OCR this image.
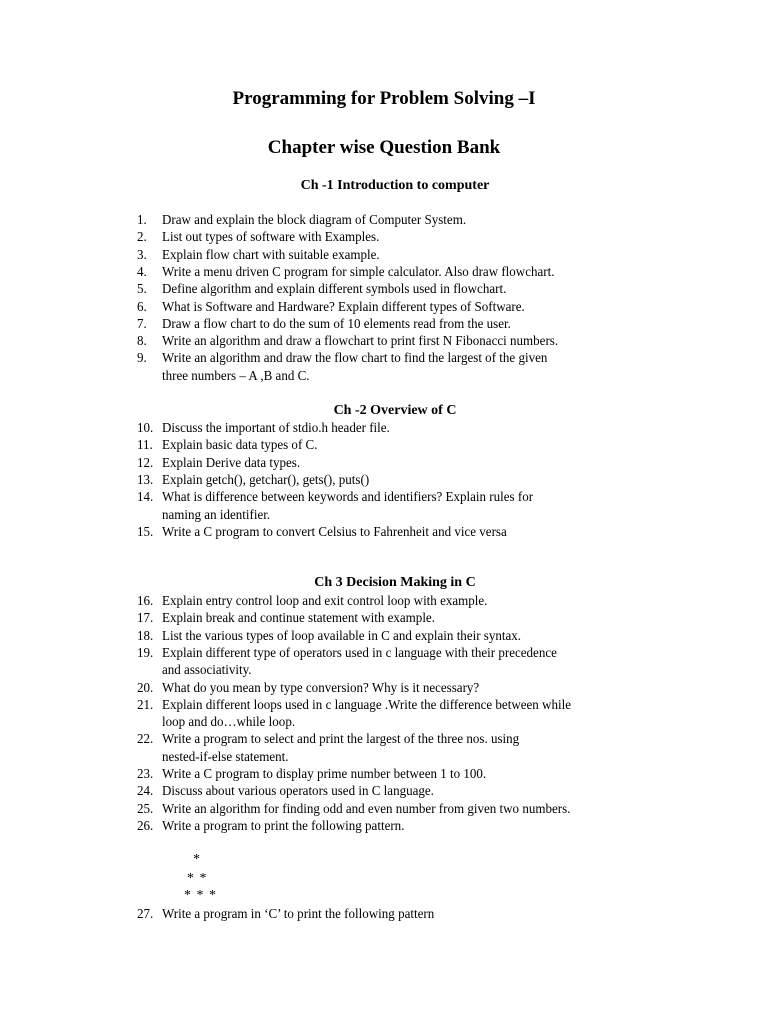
Programming for Problem Solving –I
Chapter wise Question Bank
Ch -1 Introduction to computer
1. Draw and explain the block diagram of Computer System.
2. List out types of software with Examples.
3. Explain flow chart with suitable example.
4. Write a menu driven C program for simple calculator. Also draw flowchart.
5. Define algorithm and explain different symbols used in flowchart.
6. What is Software and Hardware? Explain different types of Software.
7. Draw a flow chart to do the sum of 10 elements read from the user.
8. Write an algorithm and draw a flowchart to print first N Fibonacci numbers.
9. Write an algorithm and draw the flow chart to find the largest of the given
three numbers – A ,B and C.
Ch -2 Overview of C
10. Discuss the important of stdio.h header file.
11. Explain basic data types of C.
12. Explain Derive data types.
13. Explain getch(), getchar(), gets(), puts()
14. What is difference between keywords and identifiers? Explain rules for
naming an identifier.
15. Write a C program to convert Celsius to Fahrenheit and vice versa
Ch 3 Decision Making in C
16. Explain entry control loop and exit control loop with example.
17. Explain break and continue statement with example.
18. List the various types of loop available in C and explain their syntax.
19. Explain different type of operators used in c language with their precedence
and associativity.
20. What do you mean by type conversion? Why is it necessary?
21. Explain different loops used in c language .Write the difference between while
loop and do…while loop.
22. Write a program to select and print the largest of the three nos. using
nested-if-else statement.
23. Write a C program to display prime number between 1 to 100.
24. Discuss about various operators used in C language.
25. Write an algorithm for finding odd and even number from given two numbers.
26. Write a program to print the following pattern.
*
* *
* * *
27. Write a program in ‘C’ to print the following pattern
